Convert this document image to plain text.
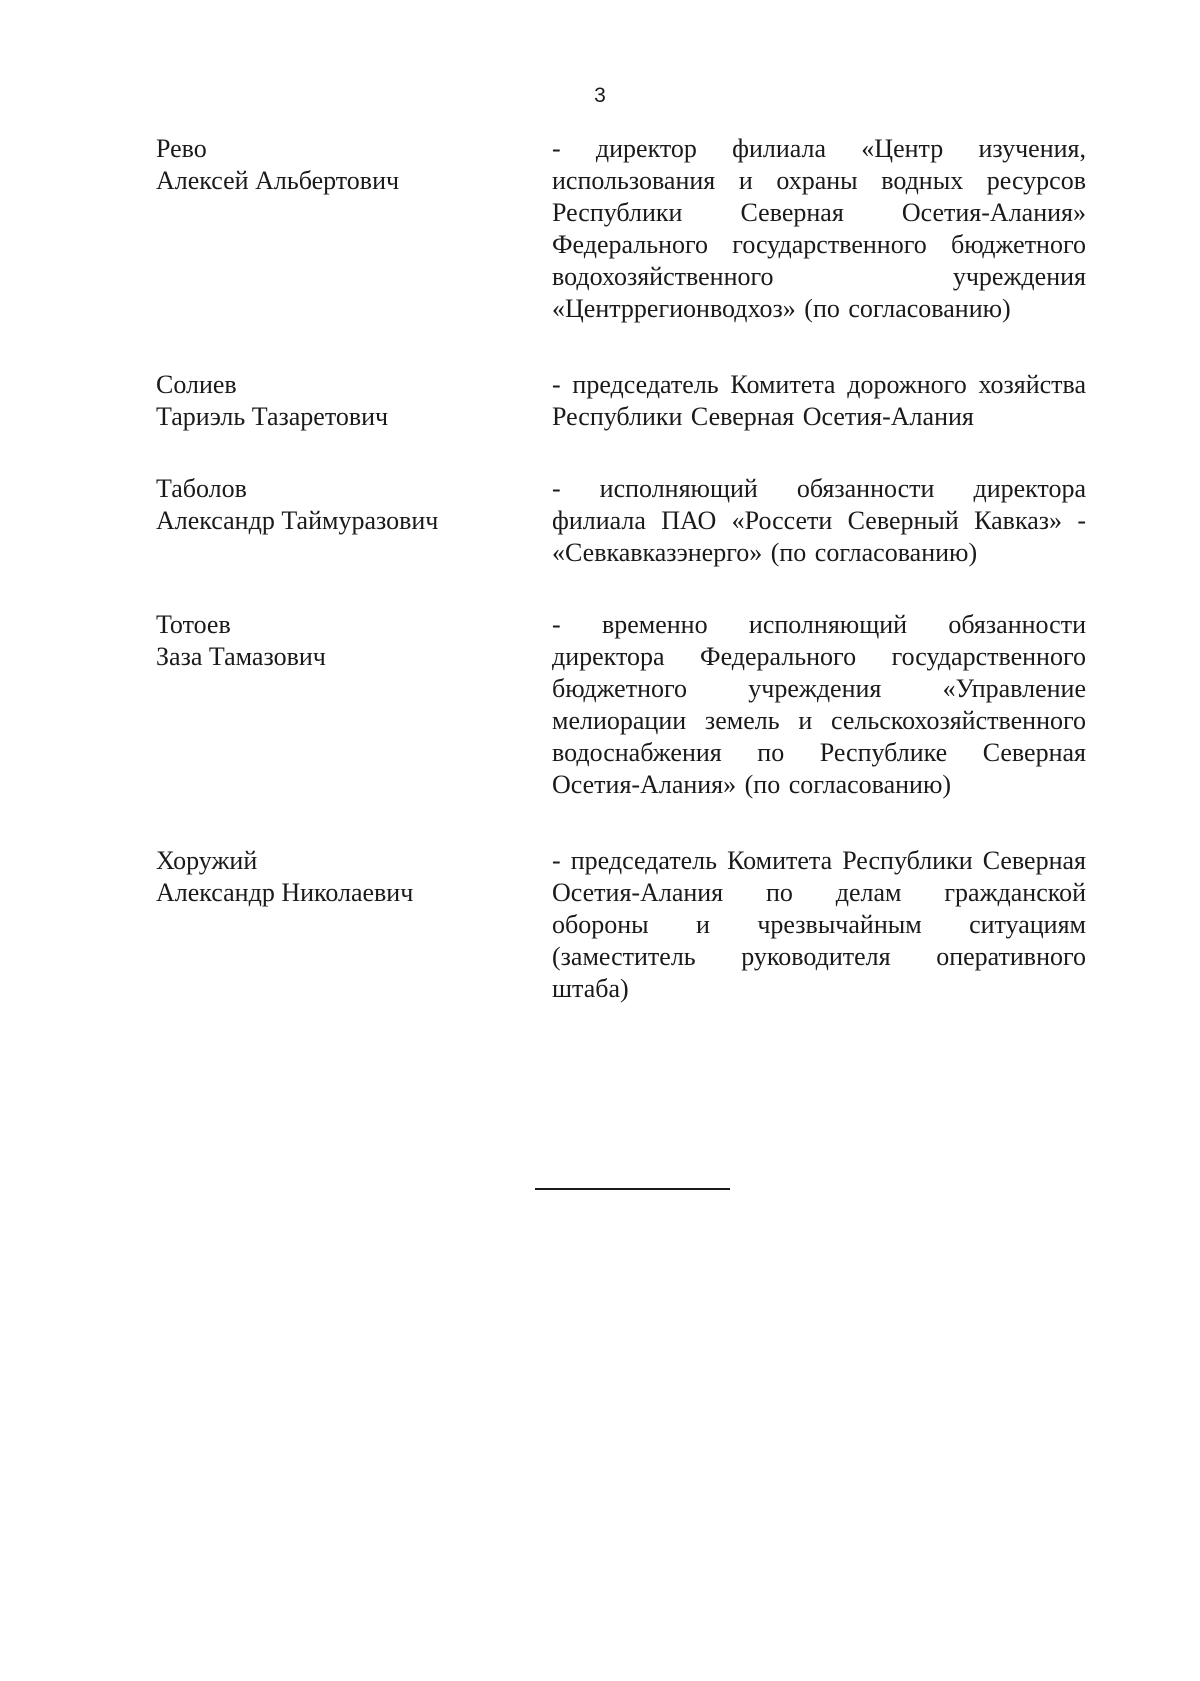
3
Рево
Алексей Альбертович
- директор филиала «Центр изучения, использования и охраны водных ресурсов Республики Северная Осетия-Алания» Федерального государственного бюджетного водохозяйственного учреждения «Центррегионводхоз» (по согласованию)
Солиев
Тариэль Тазаретович
- председатель Комитета дорожного хозяйства Республики Северная Осетия-Алания
Таболов
Александр Таймуразович
- исполняющий обязанности директора филиала ПАО «Россети Северный Кавказ» - «Севкавказэнерго» (по согласованию)
Тотоев
Заза Тамазович
- временно исполняющий обязанности директора Федерального государственного бюджетного учреждения «Управление мелиорации земель и сельскохозяйственного водоснабжения по Республике Северная Осетия-Алания» (по согласованию)
Хоружий
Александр Николаевич
- председатель Комитета Республики Северная Осетия-Алания по делам гражданской обороны и чрезвычайным ситуациям (заместитель руководителя оперативного штаба)
